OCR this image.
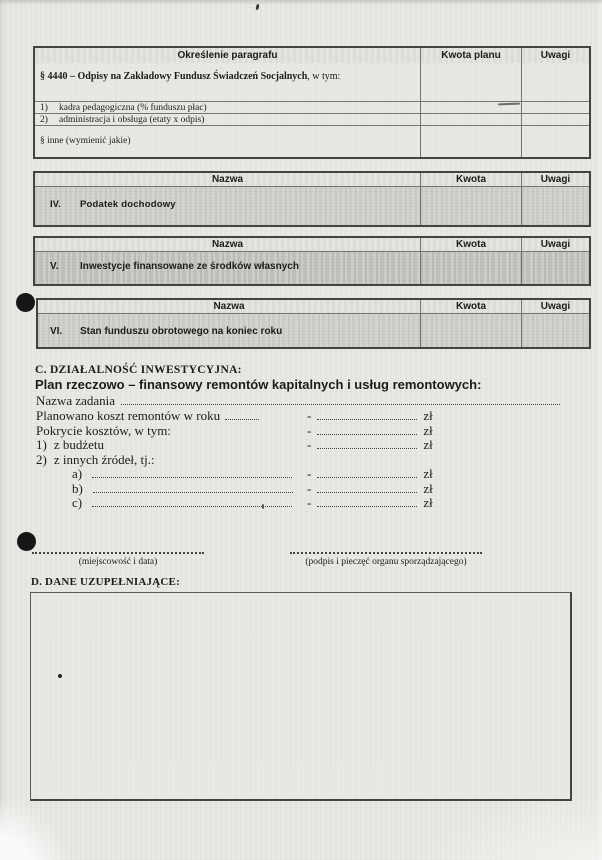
Określenie paragrafu	Kwota planu	Uwagi
§ 4440 – Odpisy na Zakładowy Fundusz Świadczeń Socjalnych, w tym:
1) kadra pedagogiczna (% funduszu płac)
2) administracja i obsługa (etaty x odpis)
§ inne (wymienić jakie)
Nazwa	Kwota	Uwagi
IV. Podatek dochodowy
Nazwa	Kwota	Uwagi
V. Inwestycje finansowane ze środków własnych
Nazwa	Kwota	Uwagi
VI. Stan funduszu obrotowego na koniec roku
C. DZIAŁALNOŚĆ INWESTYCYJNA:
Plan rzeczowo – finansowy remontów kapitalnych i usług remontowych:
Nazwa zadania
Planowano koszt remontów w roku	-	zł
Pokrycie kosztów, w tym:	-	zł
1) z budżetu	-	zł
2) z innych źródeł, tj.:
a)	-	zł
b)	-	zł
c)	-	zł
(miejscowość i data)	(podpis i pieczęć organu sporządzającego)
D. DANE UZUPEŁNIAJĄCE:
